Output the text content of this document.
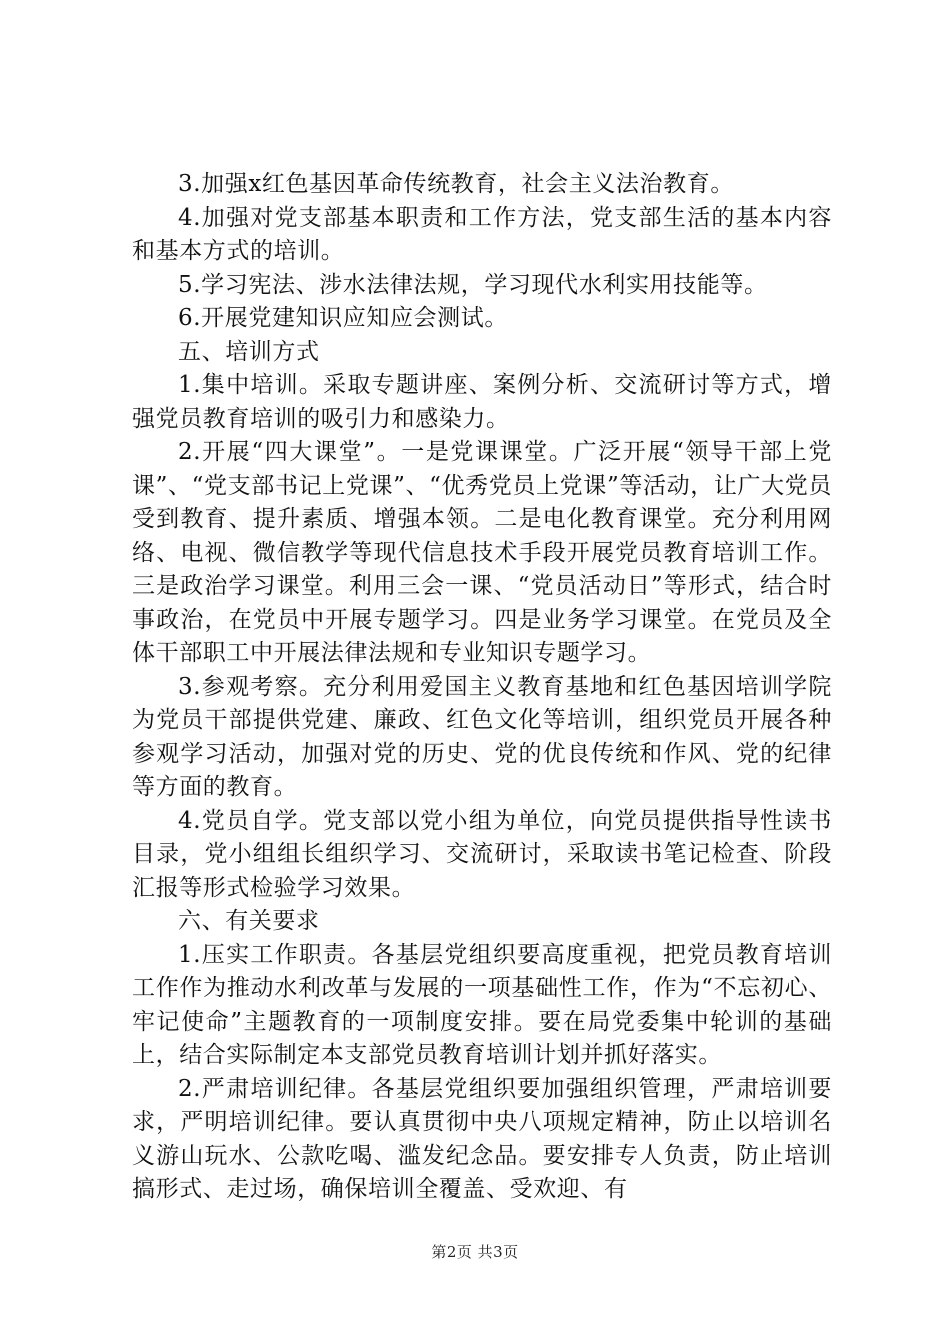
3.加强x红色基因革命传统教育，社会主义法治教育。

4.加强对党支部基本职责和工作方法，党支部生活的基本内容和基本方式的培训。

5.学习宪法、涉水法律法规，学习现代水利实用技能等。

6.开展党建知识应知应会测试。

五、培训方式

1.集中培训。采取专题讲座、案例分析、交流研讨等方式，增强党员教育培训的吸引力和感染力。

2.开展“四大课堂”。一是党课课堂。广泛开展“领导干部上党课”、“党支部书记上党课”、“优秀党员上党课”等活动，让广大党员受到教育、提升素质、增强本领。二是电化教育课堂。充分利用网络、电视、微信教学等现代信息技术手段开展党员教育培训工作。三是政治学习课堂。利用三会一课、“党员活动日”等形式，结合时事政治，在党员中开展专题学习。四是业务学习课堂。在党员及全体干部职工中开展法律法规和专业知识专题学习。

3.参观考察。充分利用爱国主义教育基地和红色基因培训学院为党员干部提供党建、廉政、红色文化等培训，组织党员开展各种参观学习活动，加强对党的历史、党的优良传统和作风、党的纪律等方面的教育。

4.党员自学。党支部以党小组为单位，向党员提供指导性读书目录，党小组组长组织学习、交流研讨，采取读书笔记检查、阶段汇报等形式检验学习效果。

六、有关要求

1.压实工作职责。各基层党组织要高度重视，把党员教育培训工作作为推动水利改革与发展的一项基础性工作，作为“不忘初心、牢记使命”主题教育的一项制度安排。要在局党委集中轮训的基础上，结合实际制定本支部党员教育培训计划并抓好落实。

2.严肃培训纪律。各基层党组织要加强组织管理，严肃培训要求，严明培训纪律。要认真贯彻中央八项规定精神，防止以培训名义游山玩水、公款吃喝、滥发纪念品。要安排专人负责，防止培训搞形式、走过场，确保培训全覆盖、受欢迎、有

第2页 共3页
